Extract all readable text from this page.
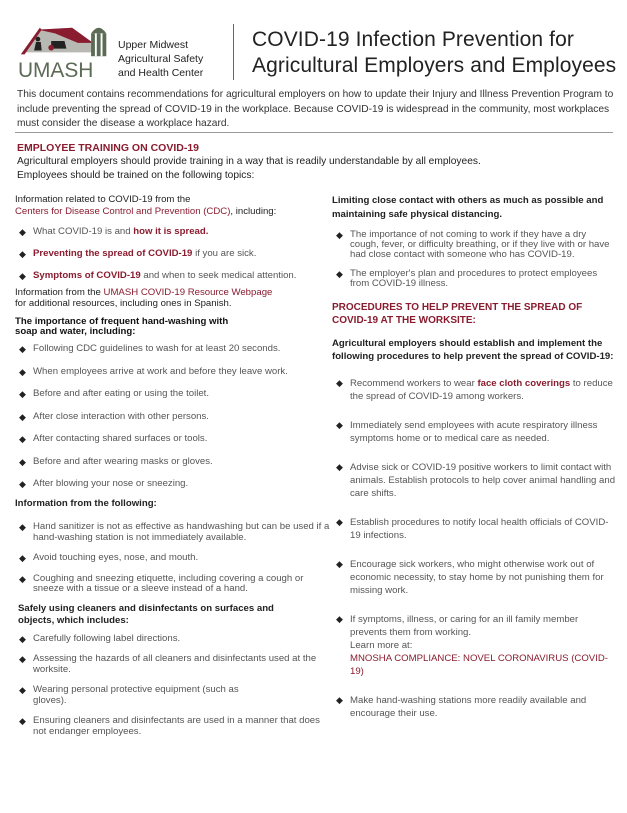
UMASH
Upper Midwest
Agricultural Safety
and Health Center
COVID-19 Infection Prevention for
Agricultural Employers and Employees
This document contains recommendations for agricultural employers on how to update their Injury and Illness Prevention Program to include preventing the spread of COVID-19 in the workplace. Because COVID-19 is widespread in the community, most workplaces must consider the disease a workplace hazard.
EMPLOYEE TRAINING ON COVID-19
Agricultural employers should provide training in a way that is readily understandable by all employees.
Employees should be trained on the following topics:
Information related to COVID-19 from the
Centers for Disease Control and Prevention (CDC), including:
◆ What COVID-19 is and how it is spread.
◆ Preventing the spread of COVID-19 if you are sick.
◆ Symptoms of COVID-19 and when to seek medical attention.
Information from the UMASH COVID-19 Resource Webpage
for additional resources, including ones in Spanish.
The importance of frequent hand-washing with soap and water, including:
◆ Following CDC guidelines to wash for at least 20 seconds.
◆ When employees arrive at work and before they leave work.
◆ Before and after eating or using the toilet.
◆ After close interaction with other persons.
◆ After contacting shared surfaces or tools.
◆ Before and after wearing masks or gloves.
◆ After blowing your nose or sneezing.
Information from the following:
◆ Hand sanitizer is not as effective as handwashing but can be used if a hand-washing station is not immediately available.
◆ Avoid touching eyes, nose, and mouth.
◆ Coughing and sneezing etiquette, including covering a cough or sneeze with a tissue or a sleeve instead of a hand.
Safely using cleaners and disinfectants on surfaces and objects, which includes:
◆ Carefully following label directions.
◆ Assessing the hazards of all cleaners and disinfectants used at the worksite.
◆ Wearing personal protective equipment (such as gloves).
◆ Ensuring cleaners and disinfectants are used in a manner that does not endanger employees.
Limiting close contact with others as much as possible and maintaining safe physical distancing.
◆ The importance of not coming to work if they have a dry cough, fever, or difficulty breathing, or if they live with or have had close contact with someone who has COVID-19.
◆ The employer's plan and procedures to protect employees from COVID-19 illness.
PROCEDURES TO HELP PREVENT THE SPREAD OF COVID-19 AT THE WORKSITE:
Agricultural employers should establish and implement the following procedures to help prevent the spread of COVID-19:
◆ Recommend workers to wear face cloth coverings to reduce the spread of COVID-19 among workers.
◆ Immediately send employees with acute respiratory illness symptoms home or to medical care as needed.
◆ Advise sick or COVID-19 positive workers to limit contact with animals. Establish protocols to help cover animal handling and care shifts.
◆ Establish procedures to notify local health officials of COVID-19 infections.
◆ Encourage sick workers, who might otherwise work out of economic necessity, to stay home by not punishing them for missing work.
◆ If symptoms, illness, or caring for an ill family member prevents them from working.
Learn more at:
MNOSHA COMPLIANCE: NOVEL CORONAVIRUS (COVID-19)
◆ Make hand-washing stations more readily available and encourage their use.
